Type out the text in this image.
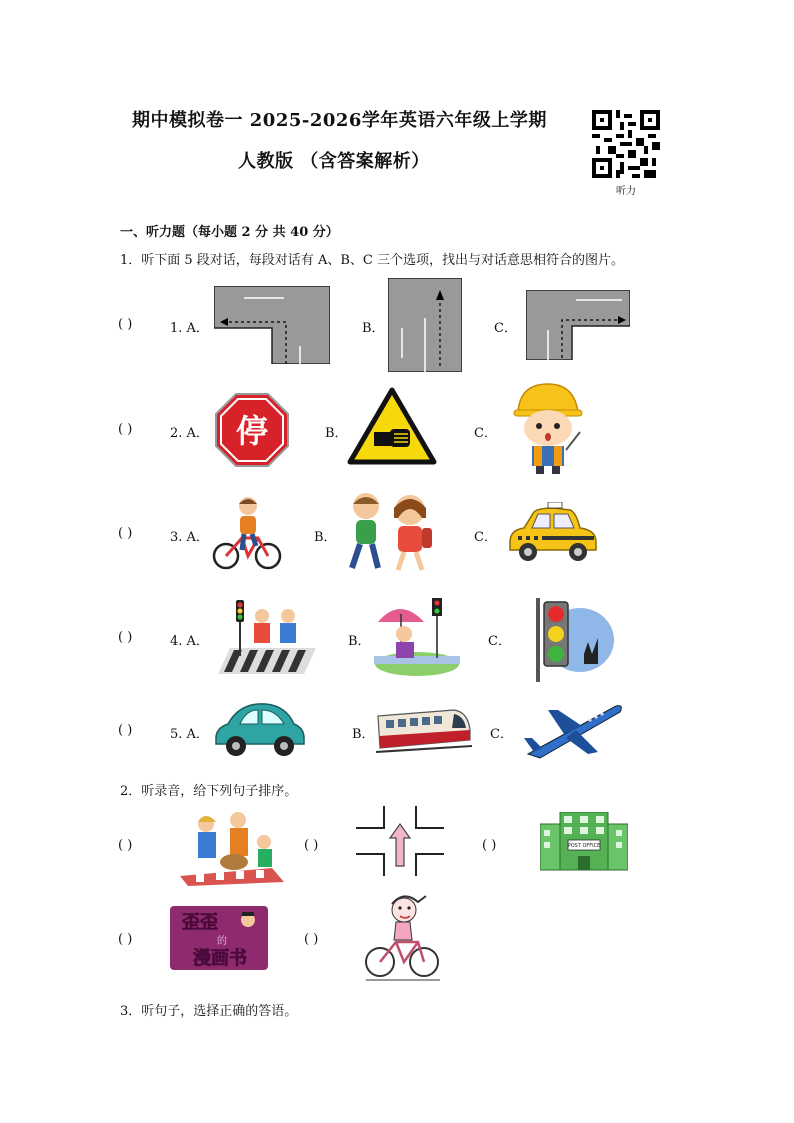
期中模拟卷一 2025-2026学年英语六年级上学期
人教版 （含答案解析）
听力
一、听力题（每小题 2 分 共 40 分）
1．听下面 5 段对话，每段对话有 A、B、C 三个选项，找出与对话意思相符合的图片。
( )	1. A．	B．	C．
( )	2. A． 停	B．	C．
( )	3. A．	B．	C．
( )	4. A．	B．	C．
( )	5. A．	B．	C．
2．听录音，给下列句子排序。
( )	( )	( )	POST OFFICE
( )
歪歪
的
漫画书
( )
3．听句子，选择正确的答语。
